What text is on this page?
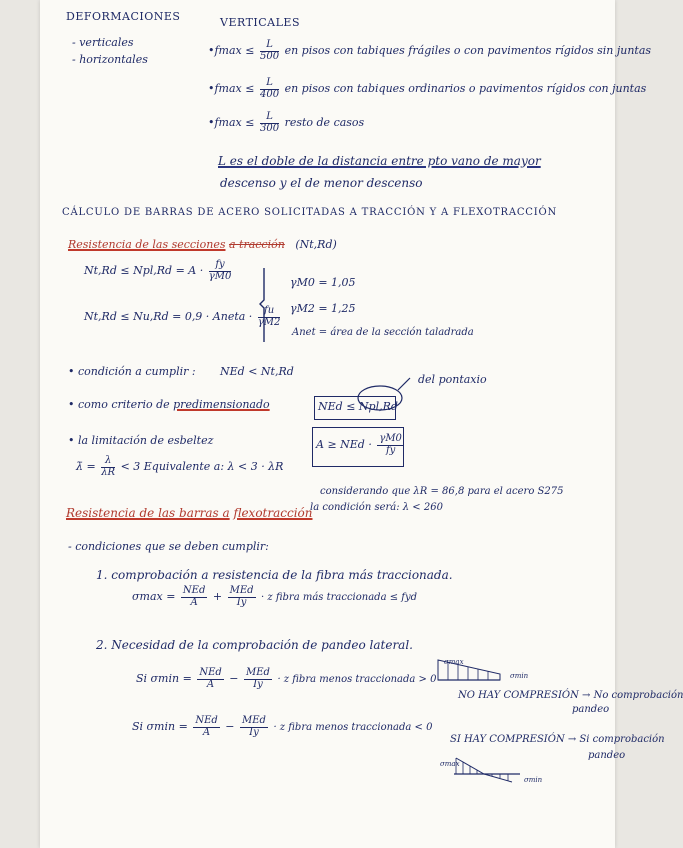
DEFORMACIONES
- verticales
- horizontales
VERTICALES
•fmax ≤ $\frac{L}{500}$ en pisos con tabiques frágiles o con pavimentos rígidos sin juntas
•fmax ≤ $\frac{L}{400}$ en pisos con tabiques ordinarios o pavimentos rígidos con juntas
•fmax ≤ $\frac{L}{300}$ resto de casos
L es el doble de la distancia entre pto vano de mayor
descenso y el de menor descenso
CÁLCULO DE BARRAS DE ACERO SOLICITADAS A TRACCIÓN Y A FLEXOTRACCIÓN
Resistencia de las secciones a tracción (Nt,Rd)
$Nt,Rd \le Npl,Rd = A \cdot \frac{fy}{\gamma M0}$
Nt,Rd ≤ Nu,Rd = 0,9 · Aneta · $\frac{fu}{\gamma M2}$
γM0 = 1,05
γM2 = 1,25
Anet = área de la sección taladrada
• condición a cumplir : NEd < Nt,Rd
• como criterio de predimensionado	NEd ≤ Npl,Rd
del pontaxio
• la limitación de esbeltez	A ≥ NEd · $\frac{\gamma M0}{fy}$
λ̄ = $\frac{\lambda}{\lambda R} < 3$ Equivalente a: λ < 3 · λR
considerando que λR = 86,8 para el acero S275
la condición será: λ < 260
Resistencia de las barras a flexotracción
- condiciones que se deben cumplir:
1. comprobación a resistencia de la fibra más traccionada.
$\sigma\max = \frac{\text{NEd}}{A} + \frac{\text{MEd}}{Iy} \cdot z$ fibra más traccionada ≤ fyd
2. Necesidad de la comprobación de pandeo lateral.
σmax
σmin
Si $\sigma\min = \frac{\text{NEd}}{A} - \frac{\text{MEd}}{Iy} \cdot z$ fibra menos traccionada > 0
NO HAY COMPRESIÓN → No comprobación
pandeo
Si $\sigma\min = \frac{\text{NEd}}{A} - \frac{\text{MEd}}{Iy} \cdot z$ fibra menos traccionada < 0
SI HAY COMPRESIÓN → Si comprobación
pandeo
σmax
σmin
